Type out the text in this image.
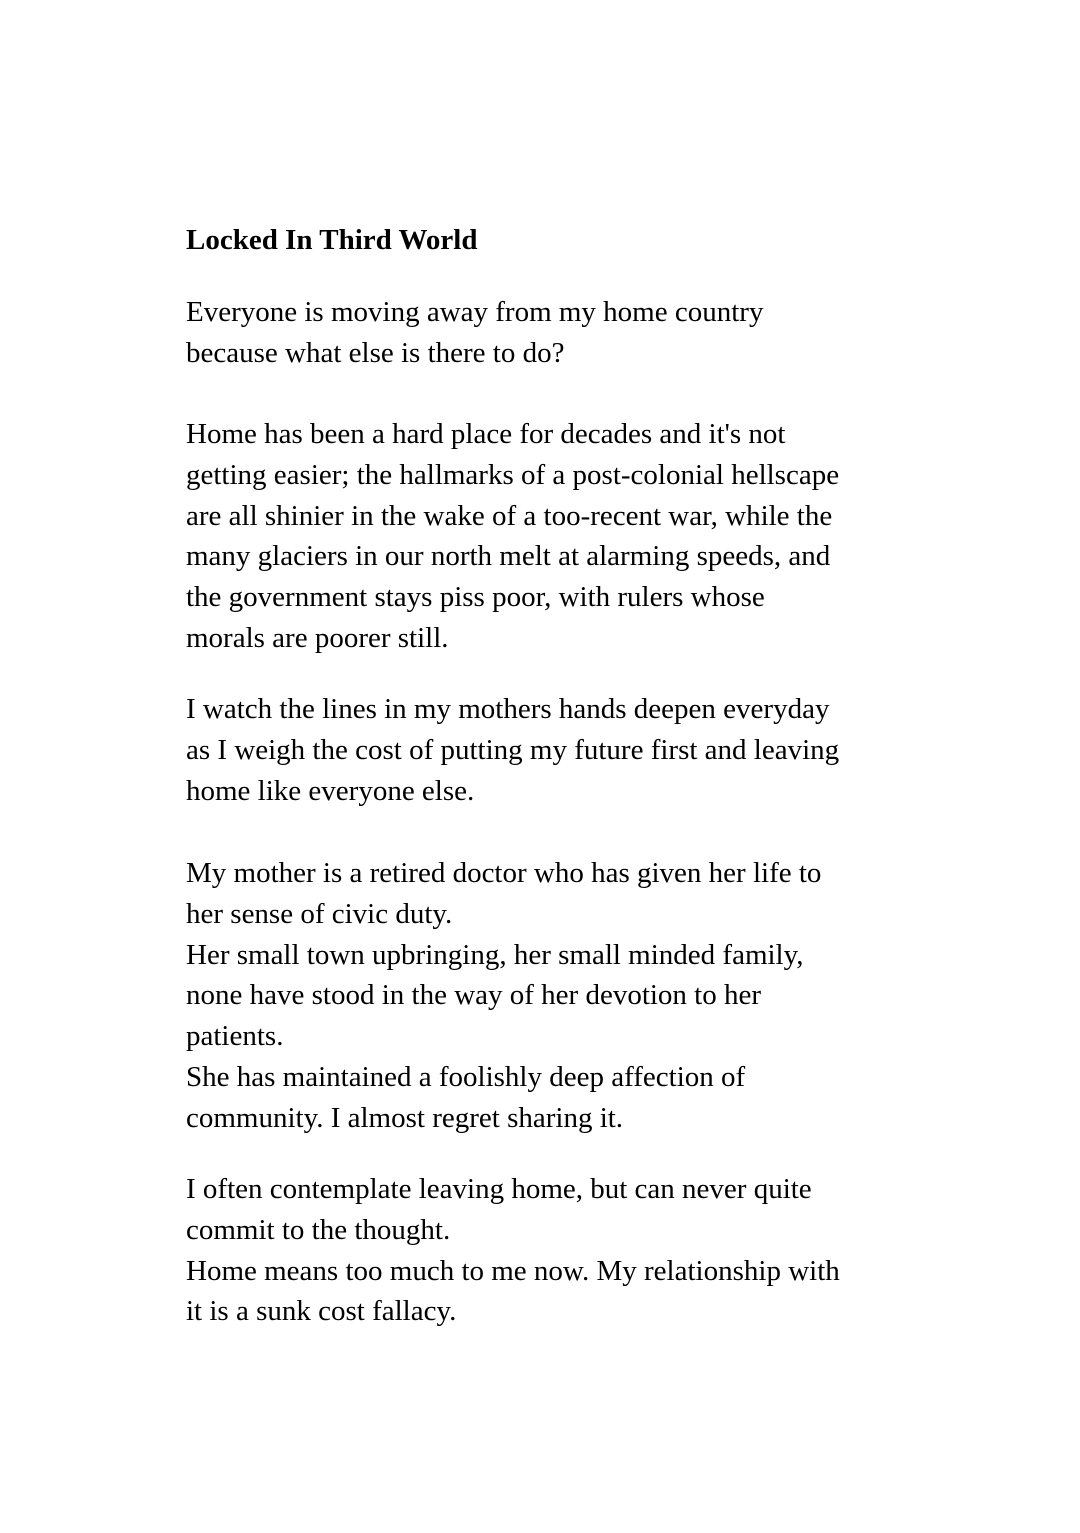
Locked In Third World

Everyone is moving away from my home country
because what else is there to do?

Home has been a hard place for decades and it's not
getting easier; the hallmarks of a post-colonial hellscape
are all shinier in the wake of a too-recent war, while the
many glaciers in our north melt at alarming speeds, and
the government stays piss poor, with rulers whose
morals are poorer still.

I watch the lines in my mothers hands deepen everyday
as I weigh the cost of putting my future first and leaving
home like everyone else.

My mother is a retired doctor who has given her life to
her sense of civic duty.
Her small town upbringing, her small minded family,
none have stood in the way of her devotion to her
patients.
She has maintained a foolishly deep affection of
community. I almost regret sharing it.

I often contemplate leaving home, but can never quite
commit to the thought.
Home means too much to me now. My relationship with
it is a sunk cost fallacy.
